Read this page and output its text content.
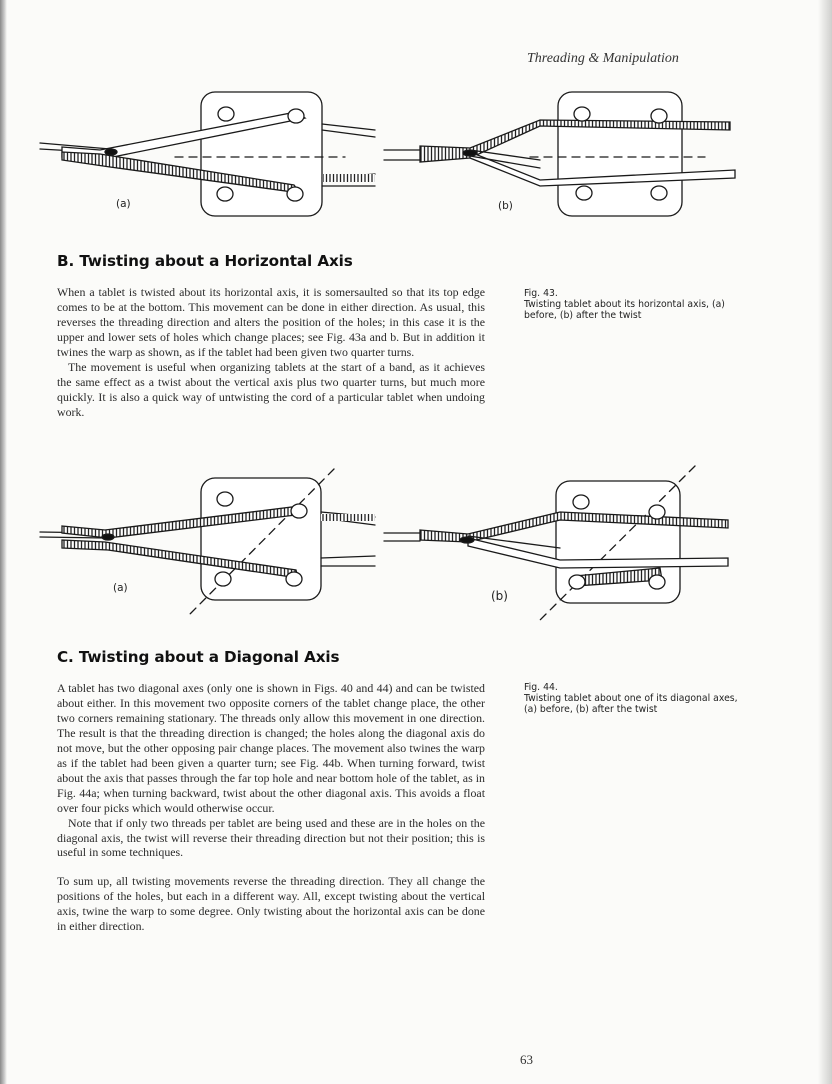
Threading & Manipulation
(a)	(b)
B. Twisting about a Horizontal Axis

When a tablet is twisted about its horizontal axis, it is somersaulted so that its top edge comes to be at the bottom. This movement can be done in either direction. As usual, this reverses the threading direction and alters the position of the holes; in this case it is the upper and lower sets of holes which change places; see Fig. 43a and b. But in addition it twines the warp as shown, as if the tablet had been given two quarter turns.

The movement is useful when organizing tablets at the start of a band, as it achieves the same effect as a twist about the vertical axis plus two quarter turns, but much more quickly. It is also a quick way of untwisting the cord of a particular tablet when undoing work.

Fig. 43.
Twisting tablet about its horizontal axis, (a) before, (b) after the twist
(a)
(b)
C. Twisting about a Diagonal Axis

A tablet has two diagonal axes (only one is shown in Figs. 40 and 44) and can be twisted about either. In this movement two opposite corners of the tablet change place, the other two corners remaining stationary. The threads only allow this movement in one direction. The result is that the threading direction is changed; the holes along the diagonal axis do not move, but the other opposing pair change places. The movement also twines the warp as if the tablet had been given a quarter turn; see Fig. 44b. When turning forward, twist about the axis that passes through the far top hole and near bottom hole of the tablet, as in Fig. 44a; when turning backward, twist about the other diagonal axis. This avoids a float over four picks which would otherwise occur.

Note that if only two threads per tablet are being used and these are in the holes on the diagonal axis, the twist will reverse their threading direction but not their position; this is useful in some techniques.

To sum up, all twisting movements reverse the threading direction. They all change the positions of the holes, but each in a different way. All, except twisting about the vertical axis, twine the warp to some degree. Only twisting about the horizontal axis can be done in either direction.

Fig. 44.
Twisting tablet about one of its diagonal axes, (a) before, (b) after the twist
63
